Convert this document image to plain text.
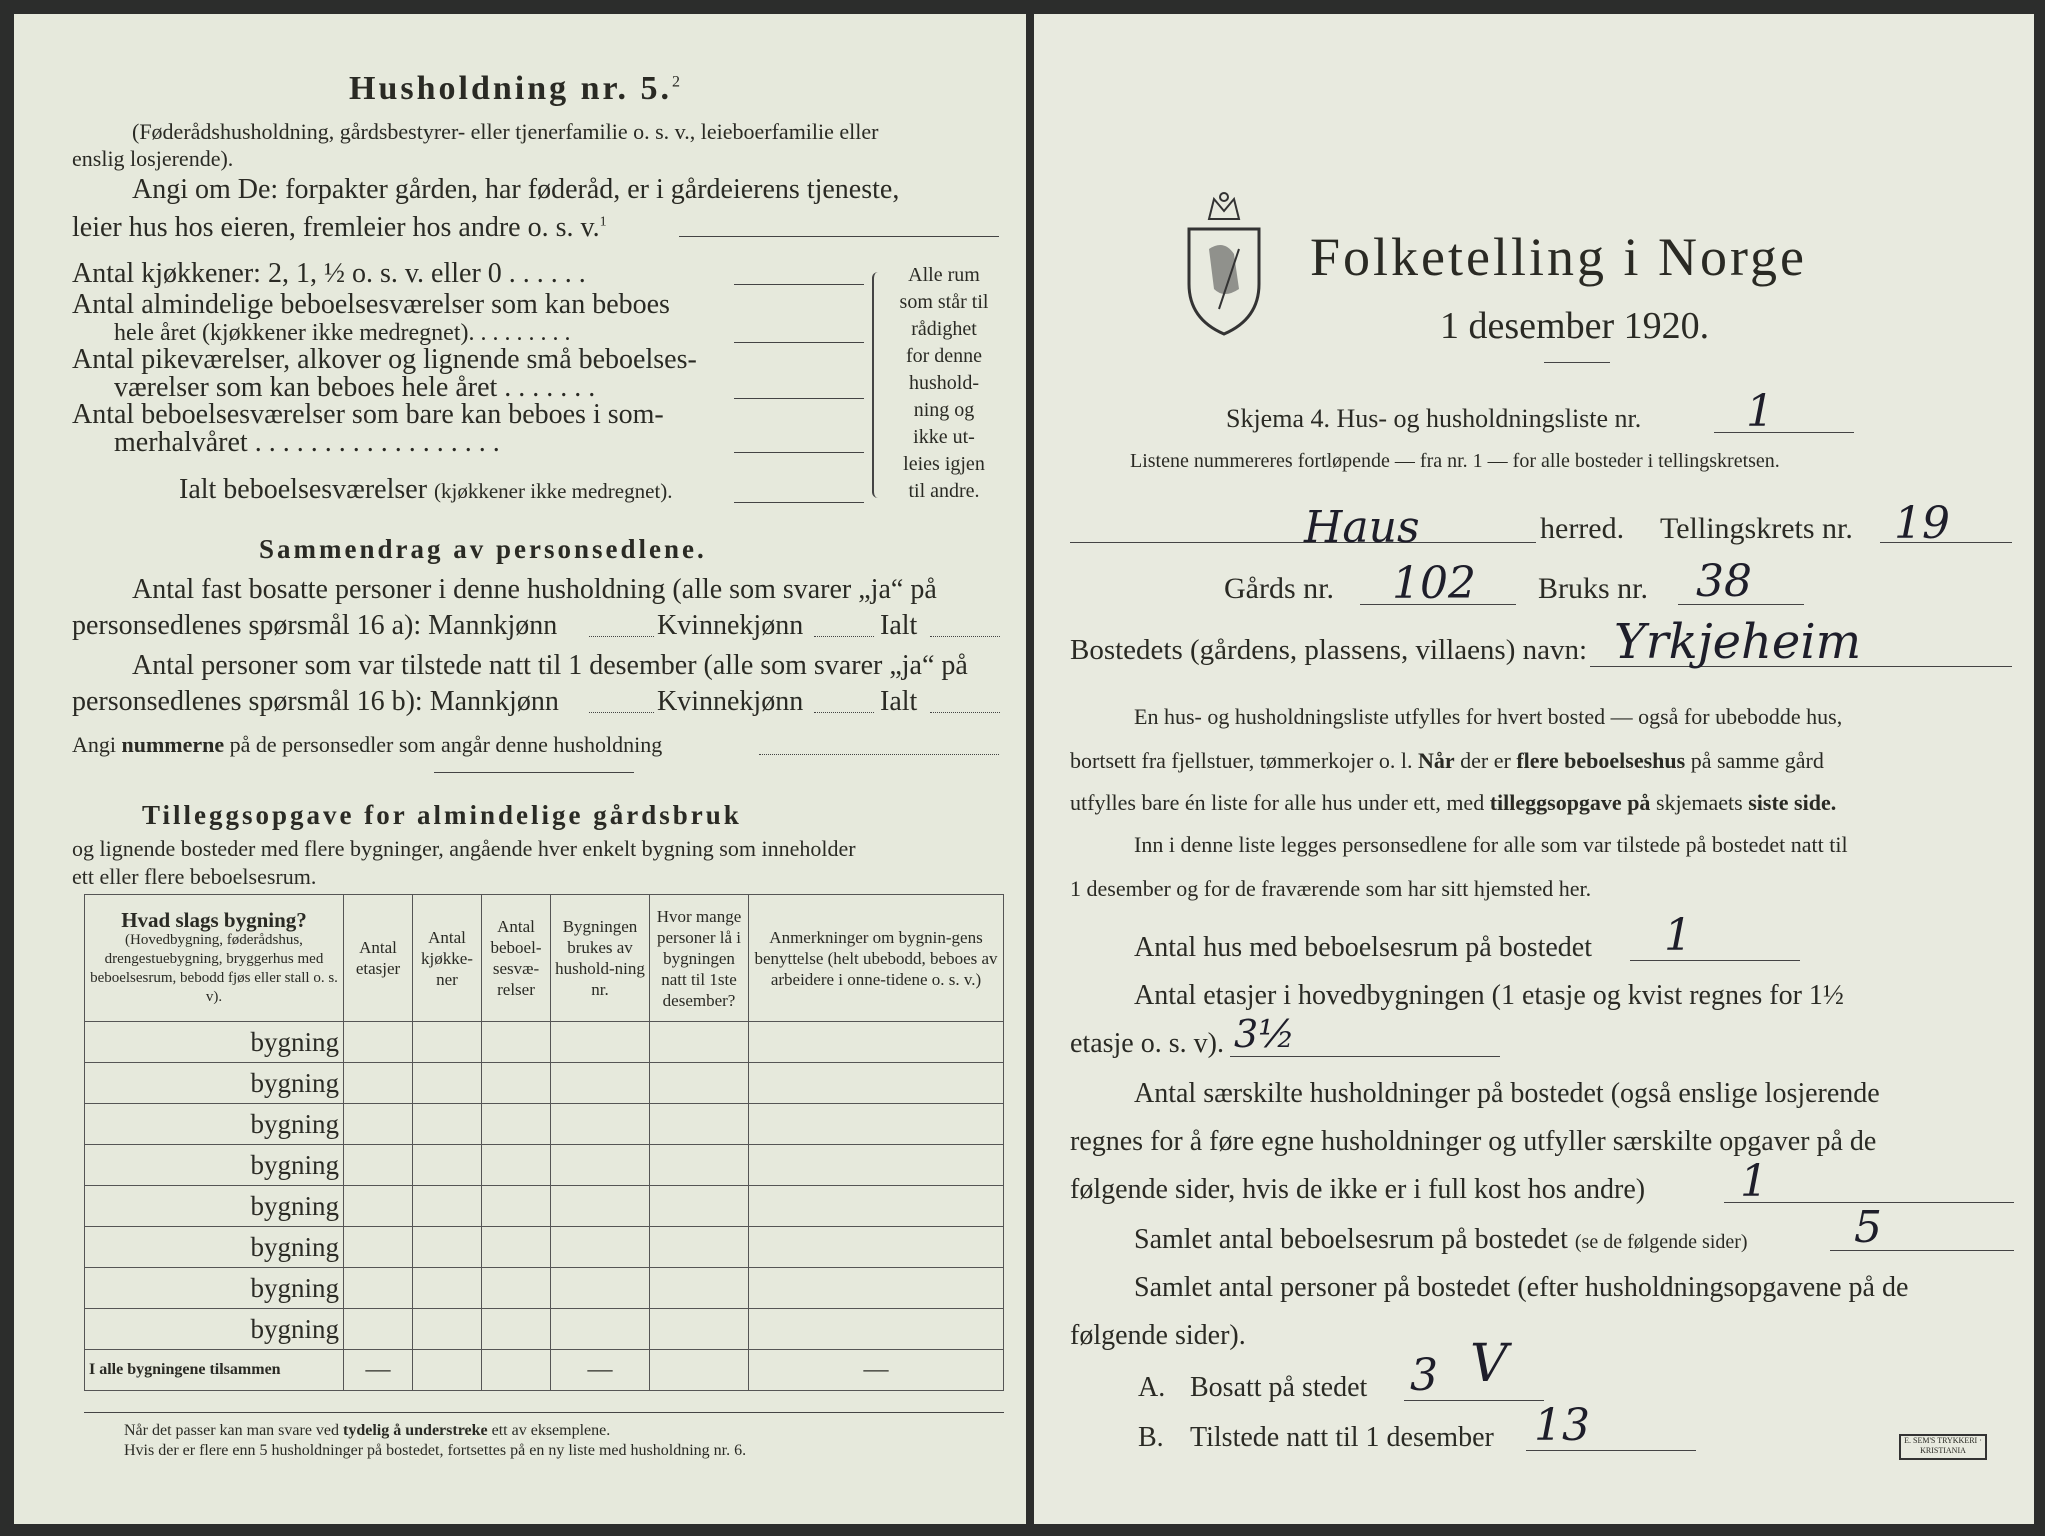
Husholdning nr. 5.$^2$
(Føderådshusholdning, gårdsbestyrer- eller tjenerfamilie o. s. v., leieboerfamilie eller
enslig losjerende).
Angi om De: forpakter gården, har føderåd, er i gårdeierens tjeneste,
leier hus hos eieren, fremleier hos andre o. s. v.$^1$
Antal kjøkkener: 2, 1, ½ o. s. v. eller 0 . . . . . .
Antal almindelige beboelsesværelser som kan beboes
hele året (kjøkkener ikke medregnet). . . . . . . . .
Antal pikeværelser, alkover og lignende små beboelses-
værelser som kan beboes hele året . . . . . . .
Antal beboelsesværelser som bare kan beboes i som-
merhalvåret . . . . . . . . . . . . . . . . . .
Ialt beboelsesværelser (kjøkkener ikke medregnet).
Alle rum
som står til
rådighet
for denne
hushold-
ning og
ikke ut-
leies igjen
til andre.
Sammendrag av personsedlene.
Antal fast bosatte personer i denne husholdning (alle som svarer „ja“ på
personsedlenes spørsmål 16 a): Mannkjønn	Kvinnekjønn	Ialt
Antal personer som var tilstede natt til 1 desember (alle som svarer „ja“ på
personsedlenes spørsmål 16 b): Mannkjønn	Kvinnekjønn	Ialt
Angi nummerne på de personsedler som angår denne husholdning
Tilleggsopgave for almindelige gårdsbruk
og lignende bosteder med flere bygninger, angående hver enkelt bygning som inneholder
ett eller flere beboelsesrum.
Hvad slags bygning?
(Hovedbygning, føderådshus, drengestuebygning, bryggerhus med beboelsesrum, bebodd fjøs eller stall o. s. v).	Antal etasjer	Antal kjøkke-ner	Antal beboel-sesvæ-relser	Bygningen brukes av hushold-ning nr.	Hvor mange personer lå i bygningen natt til 1ste desember?	Anmerkninger om bygnin-gens benyttelse (helt ubebodd, beboes av arbeidere i onne-tidene o. s. v.)
bygning						
bygning						
bygning						
bygning						
bygning						
bygning						
bygning						
bygning						
I alle bygningene tilsammen	—			—		—
Når det passer kan man svare ved tydelig å understreke ett av eksemplene.
Hvis der er flere enn 5 husholdninger på bostedet, fortsettes på en ny liste med husholdning nr. 6.
Folketelling i Norge
1 desember 1920.
Skjema 4. Hus- og husholdningsliste nr. 1
Listene nummereres fortløpende — fra nr. 1 — for alle bosteder i tellingskretsen.
Haus	herred. Tellingskrets nr. 19
Gårds nr. 102 Bruks nr. 38
Bostedets (gårdens, plassens, villaens) navn: Yrkjeheim
En hus- og husholdningsliste utfylles for hvert bosted — også for ubebodde hus,
bortsett fra fjellstuer, tømmerkojer o. l. Når der er flere beboelseshus på samme gård
utfylles bare én liste for alle hus under ett, med tilleggsopgave på skjemaets siste side.
Inn i denne liste legges personsedlene for alle som var tilstede på bostedet natt til
1 desember og for de fraværende som har sitt hjemsted her.
Antal hus med beboelsesrum på bostedet 1
Antal etasjer i hovedbygningen (1 etasje og kvist regnes for 1½
etasje o. s. v). 3½
Antal særskilte husholdninger på bostedet (også enslige losjerende
regnes for å føre egne husholdninger og utfyller særskilte opgaver på de
følgende sider, hvis de ikke er i full kost hos andre) 1
Samlet antal beboelsesrum på bostedet (se de følgende sider) 5
Samlet antal personer på bostedet (efter husholdningsopgavene på de
følgende sider).
A. Bosatt på stedet 3 V
B. Tilstede natt til 1 desember 13	E. SEM'S TRYKKERI · KRISTIANIA
